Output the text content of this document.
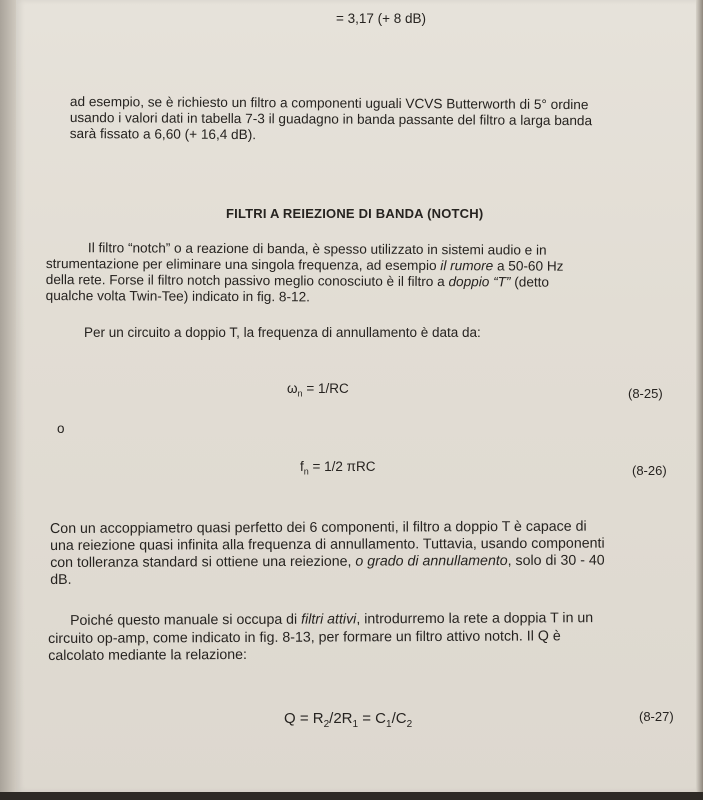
= 3,17 (+ 8 dB)
ad esempio, se è richiesto un filtro a componenti uguali VCVS Butterworth di 5° ordine
usando i valori dati in tabella 7-3 il guadagno in banda passante del filtro a larga banda
sarà fissato a 6,60 (+ 16,4 dB).
FILTRI A REIEZIONE DI BANDA (NOTCH)
Il filtro “notch” o a reazione di banda, è spesso utilizzato in sistemi audio e in
strumentazione per eliminare una singola frequenza, ad esempio il rumore a 50-60 Hz
della rete. Forse il filtro notch passivo meglio conosciuto è il filtro a doppio “T” (detto
qualche volta Twin-Tee) indicato in fig. 8-12.
Per un circuito a doppio T, la frequenza di annullamento è data da:
$\omega_n = 1/RC$	(8-25)
o
$f_n = 1/2$ πRC	(8-26)
Con un accoppiametro quasi perfetto dei 6 componenti, il filtro a doppio T è capace di
una reiezione quasi infinita alla frequenza di annullamento. Tuttavia, usando componenti
con tolleranza standard si ottiene una reiezione, o grado di annullamento, solo di 30 - 40
dB.
Poiché questo manuale si occupa di filtri attivi, introdurremo la rete a doppia T in un
circuito op-amp, come indicato in fig. 8-13, per formare un filtro attivo notch. Il Q è
calcolato mediante la relazione:
$Q = R_2/2R_1 = C_1/C_2$
(8-27)
